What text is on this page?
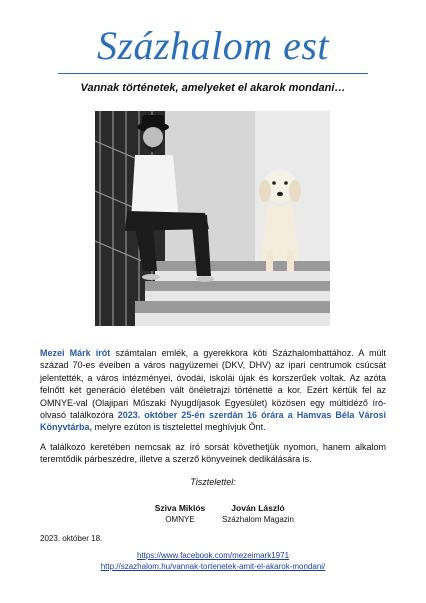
Százhalom est
Vannak történetek, amelyeket el akarok mondani…

Mezei Márk írót számtalan emlék, a gyerekkora köti Százhalombattához. A múlt század 70-es éveiben a város nagyüzemei (DKV, DHV) az ipari centrumok csúcsát jelentették, a város intézményei, óvodái, iskolái újak és korszerűek voltak. Az azóta felnőtt két generáció életében vált önéletrajzi történetté a kor. Ezért kértük fel az OMNYE-val (Olajipari Műszaki Nyugdíjasok Egyesület) közösen egy múltidéző író-olvasó találkozóra 2023. október 25-én szerdán 16 órára a Hamvas Béla Városi Könyvtárba, melyre ezúton is tisztelettel meghívjuk Önt.

A találkozó keretében nemcsak az író sorsát követhetjük nyomon, hanem alkalom teremtődik párbeszédre, illetve a szerző könyveinek dedikálására is.

Tisztelettel:
Sziva Miklós
OMNYE
Jován László
Százhalom Magazin
2023. október 18.
https://www.facebook.com/mezeimark1971
http://szazhalom.hu/vannak-tortenetek-amit-el-akarok-mondani/
